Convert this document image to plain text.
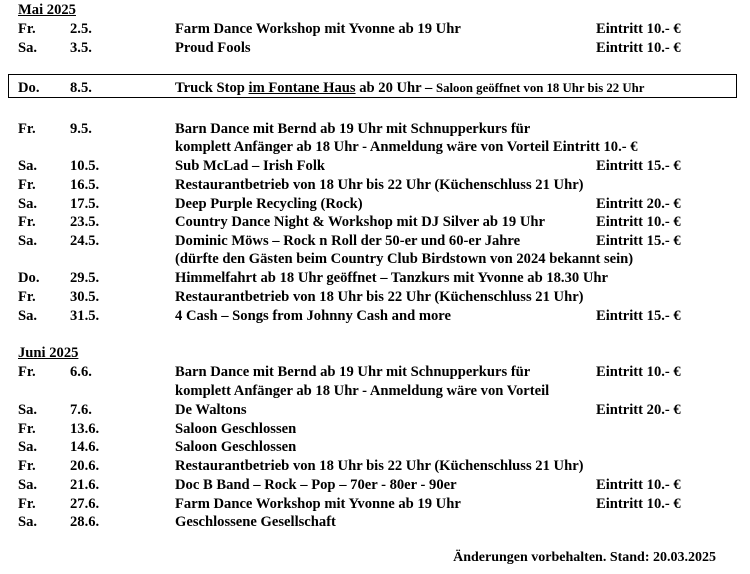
Mai 2025
Fr. 2.5.	Farm Dance Workshop mit Yvonne ab 19 Uhr	Eintritt 10.- €
Sa. 3.5.	Proud Fools	Eintritt 10.- €
Do. 8.5.	Truck Stop im Fontane Haus ab 20 Uhr – Saloon geöffnet von 18 Uhr bis 22 Uhr
Fr. 9.5.	Barn Dance mit Bernd ab 19 Uhr mit Schnupperkurs für
komplett Anfänger ab 18 Uhr - Anmeldung wäre von Vorteil Eintritt 10.- €
Sa. 10.5.	Sub McLad – Irish Folk	Eintritt 15.- €
Fr. 16.5.	Restaurantbetrieb von 18 Uhr bis 22 Uhr (Küchenschluss 21 Uhr)
Sa. 17.5.	Deep Purple Recycling (Rock)	Eintritt 20.- €
Fr. 23.5.	Country Dance Night & Workshop mit DJ Silver ab 19 Uhr	Eintritt 10.- €
Sa. 24.5.	Dominic Möws – Rock n Roll der 50-er und 60-er Jahre	Eintritt 15.- €
(dürfte den Gästen beim Country Club Birdstown von 2024 bekannt sein)
Do. 29.5.	Himmelfahrt ab 18 Uhr geöffnet – Tanzkurs mit Yvonne ab 18.30 Uhr
Fr. 30.5.	Restaurantbetrieb von 18 Uhr bis 22 Uhr (Küchenschluss 21 Uhr)
Sa. 31.5.	4 Cash – Songs from Johnny Cash and more	Eintritt 15.- €
Juni 2025
Fr. 6.6.	Barn Dance mit Bernd ab 19 Uhr mit Schnupperkurs für	Eintritt 10.- €
komplett Anfänger ab 18 Uhr - Anmeldung wäre von Vorteil
Sa. 7.6.	De Waltons	Eintritt 20.- €
Fr. 13.6.	Saloon Geschlossen
Sa. 14.6.	Saloon Geschlossen
Fr. 20.6.	Restaurantbetrieb von 18 Uhr bis 22 Uhr (Küchenschluss 21 Uhr)
Sa. 21.6.	Doc B Band – Rock – Pop – 70er - 80er - 90er	Eintritt 10.- €
Fr. 27.6.	Farm Dance Workshop mit Yvonne ab 19 Uhr	Eintritt 10.- €
Sa. 28.6.	Geschlossene Gesellschaft
Änderungen vorbehalten. Stand: 20.03.2025
